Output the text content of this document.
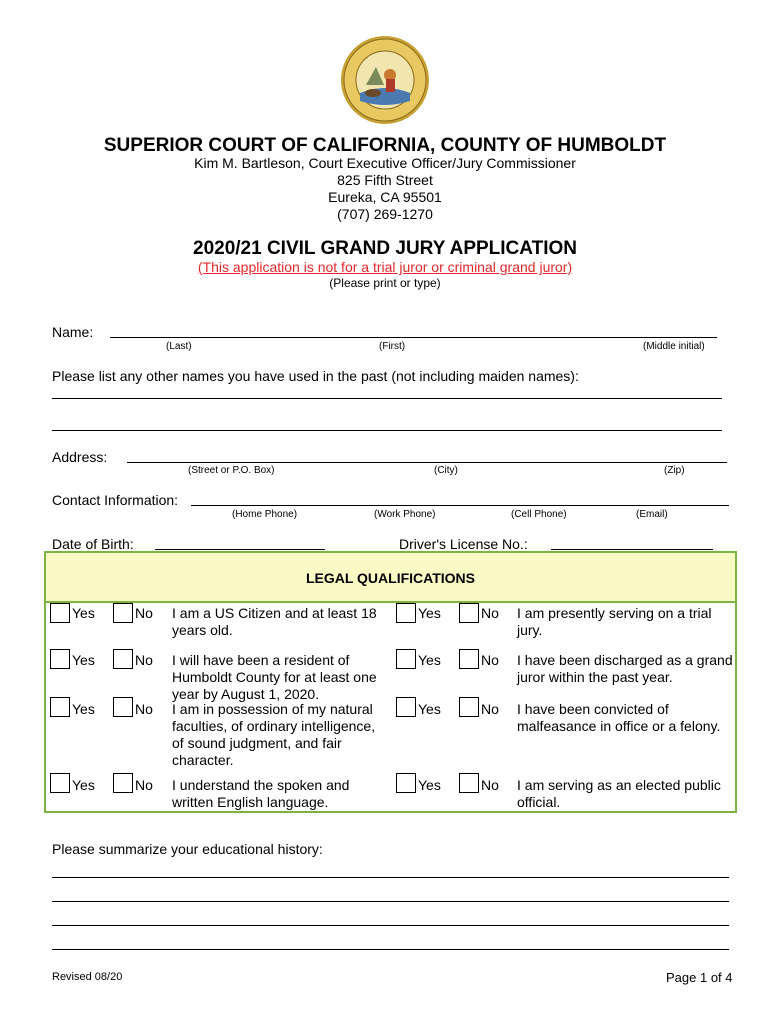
SUPERIOR COURT OF CALIFORNIA, COUNTY OF HUMBOLDT
Kim M. Bartleson, Court Executive Officer/Jury Commissioner
825 Fifth Street
Eureka, CA 95501
(707) 269-1270
2020/21 CIVIL GRAND JURY APPLICATION
(This application is not for a trial juror or criminal grand juror)
(Please print or type)
Name:
(Last)	(First)	(Middle initial)
Please list any other names you have used in the past (not including maiden names):
Address:
(Street or P.O. Box)	(City)	(Zip)
Contact Information:
(Home Phone)	(Work Phone)	(Cell Phone)	(Email)
Date of Birth:	Driver's License No.:
LEGAL QUALIFICATIONS
Yes	No I am a US Citizen and at least 18 years old.
Yes	No I am presently serving on a trial jury.
Yes	No I will have been a resident of Humboldt County for at least one year by August 1, 2020.
Yes	No I have been discharged as a grand juror within the past year.
Yes	No I am in possession of my natural faculties, of ordinary intelligence, of sound judgment, and fair character.
Yes	No I have been convicted of malfeasance in office or a felony.
Yes	No I understand the spoken and written English language.
Yes	No I am serving as an elected public official.
Please summarize your educational history:
Revised 08/20	Page 1 of 4
